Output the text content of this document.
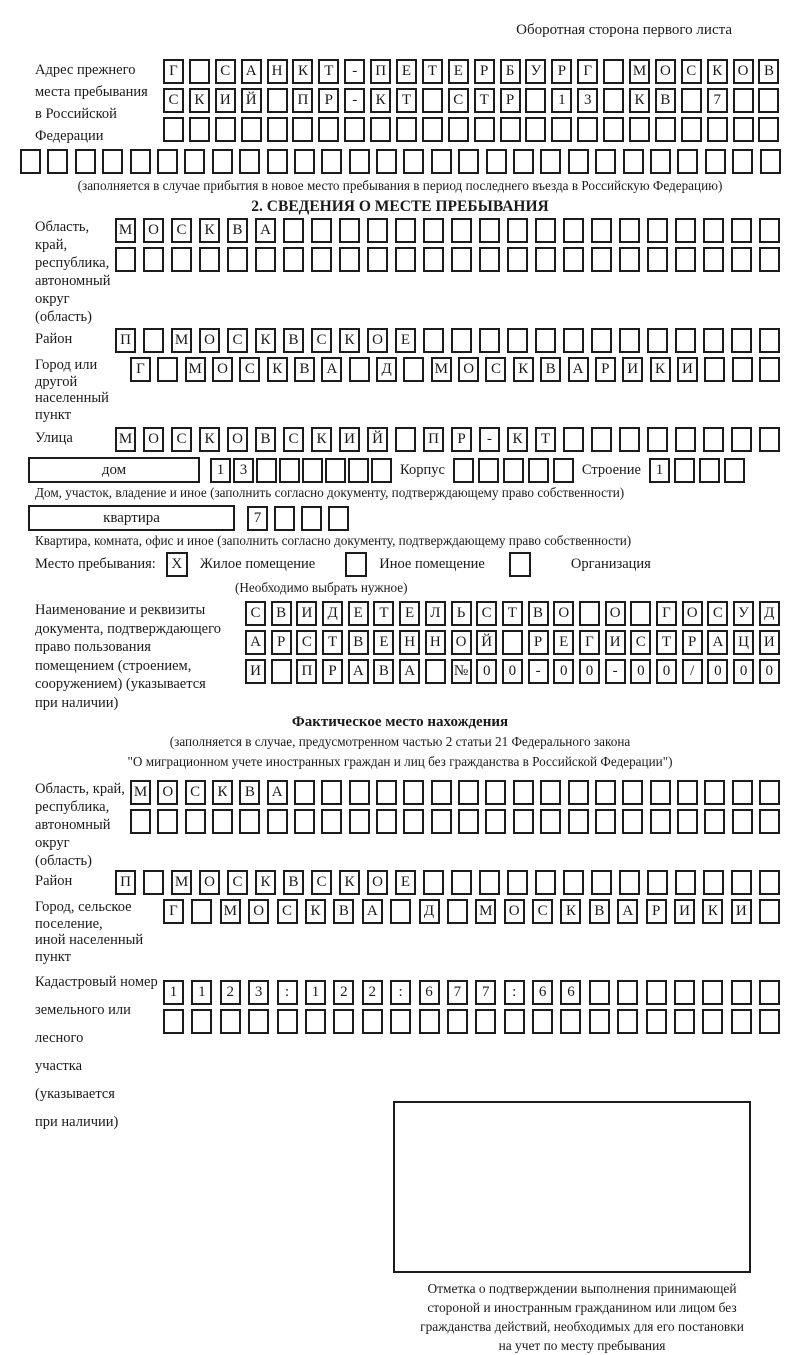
Оборотная сторона первого листа
Адрес прежнего
места пребывания
в Российской
Федерации
Г	С	А	Н	К	Т	-	П	Е	Т	Е	Р	Б	У	Р	Г	М О	С	К	О	В
С	К	И	Й	П	Р	-	К	Т	С	Т	Р	1	3	К	В	7
(заполняется в случае прибытия в новое место пребывания в период последнего въезда в Российскую Федерацию)
2. СВЕДЕНИЯ О МЕСТЕ ПРЕБЫВАНИЯ
Область, край,
республика,
автономный
округ (область)
М	О	С	К	В	А
Район	П	М	О	С	К	В	С	К	О	Е
Город или другой
населенный пункт
Г	М	О	С	К	В	А	Д	М	О	С	К	В	А	Р	И	К	И
Улица	М	О	С	К	О	В	С	К	И	Й	П	Р	-	К	Т
дом	1	3	Корпус	Строение 1
Дом, участок, владение и иное (заполнить согласно документу, подтверждающему право собственности)
квартира	7
Квартира, комната, офис и иное (заполнить согласно документу, подтверждающему право собственности)
Место пребывания:	X	Жилое помещение	Иное помещение	Организация
(Необходимо выбрать нужное)
Наименование и реквизиты
документа, подтверждающего
право пользования
помещением (строением,
сооружением) (указывается
при наличии)
С	В	И	Д	Е	Т	Е	Л	Ь	С	Т	В	О	О	Г	О	С	У	Д
А	Р	С	Т	В	Е	Н Н О Й	Р	Е	Г	И	С	Т	Р	А Ц И
И	П	Р	А	В	А	№ 0	0	-	0	0	-	0	0	/	0	0	0
Фактическое место нахождения
(заполняется в случае, предусмотренном частью 2 статьи 21 Федерального закона
"О миграционном учете иностранных граждан и лиц без гражданства в Российской Федерации")
Область, край,
республика,
автономный округ
(область)
М	О	С	К	В	А
Район	П	М	О	С	К	В	С	К	О	Е
Город, сельское поселение,
иной населенный пункт
Г	М	О	С	К	В	А	Д	М	О	С	К	В	А	Р	И	К	И
Кадастровый номер
земельного или лесного
участка (указывается
при наличии)
1	1	2	3	:	1	2	2	:	6	7	7	:	6	6
Отметка о подтверждении выполнения принимающей
стороной и иностранным гражданином или лицом без
гражданства действий, необходимых для его постановки
на учет по месту пребывания
